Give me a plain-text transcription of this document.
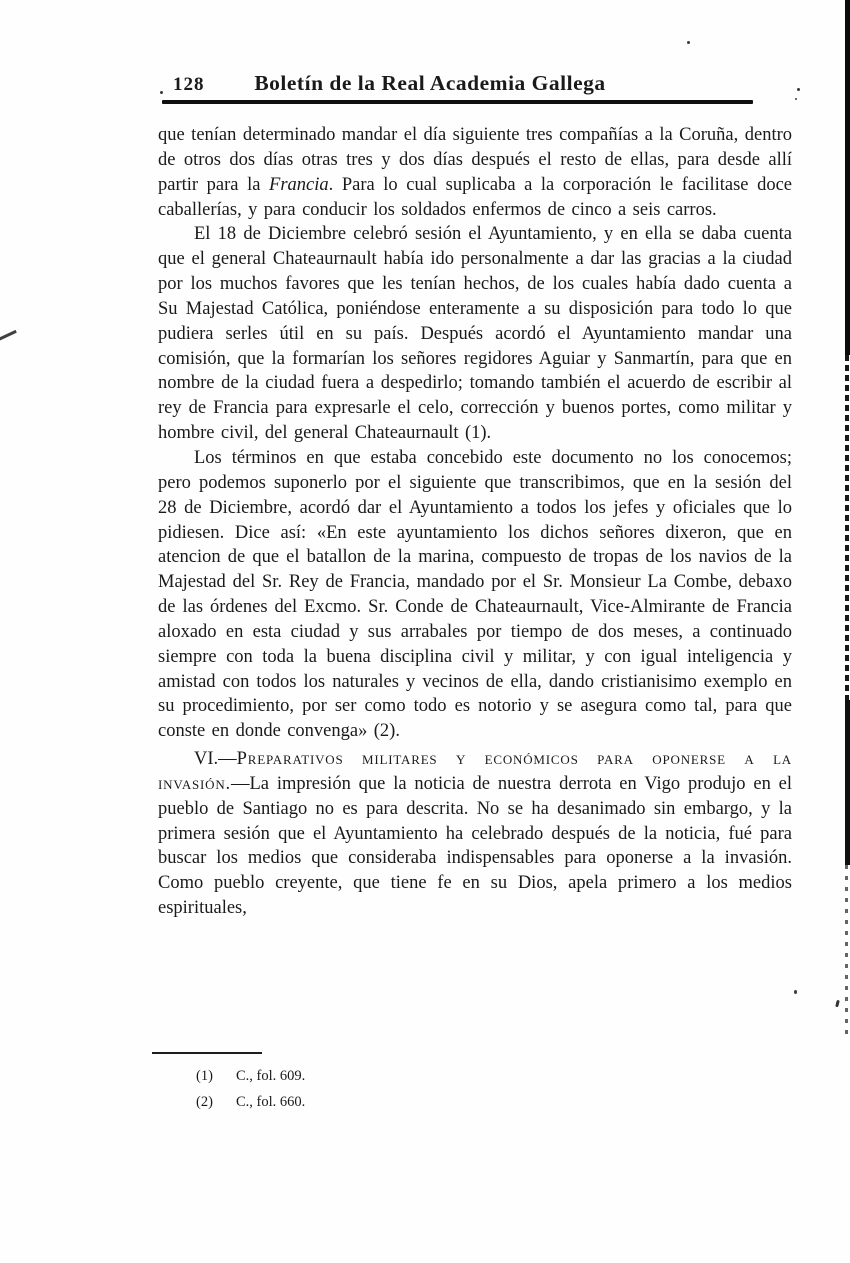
128	Boletín de la Real Academia Gallega

que tenían determinado mandar el día siguiente tres compañías a la Coruña, dentro de otros dos días otras tres y dos días después el resto de ellas, para desde allí partir para la Francia. Para lo cual suplicaba a la corporación le facilitase doce caballerías, y para conducir los soldados enfermos de cinco a seis carros.

El 18 de Diciembre celebró sesión el Ayuntamiento, y en ella se daba cuenta que el general Chateaurnault había ido personalmente a dar las gracias a la ciudad por los muchos favores que les tenían hechos, de los cuales había dado cuenta a Su Majestad Católica, poniéndose enteramente a su disposición para todo lo que pudiera serles útil en su país. Después acordó el Ayuntamiento mandar una comisión, que la formarían los señores regidores Aguiar y Sanmartín, para que en nombre de la ciudad fuera a despedirlo; tomando también el acuerdo de escribir al rey de Francia para expresarle el celo, corrección y buenos portes, como militar y hombre civil, del general Chateaurnault (1).

Los términos en que estaba concebido este documento no los conocemos; pero podemos suponerlo por el siguiente que transcribimos, que en la sesión del 28 de Diciembre, acordó dar el Ayuntamiento a todos los jefes y oficiales que lo pidiesen. Dice así: «En este ayuntamiento los dichos señores dixeron, que en atencion de que el batallon de la marina, compuesto de tropas de los navios de la Majestad del Sr. Rey de Francia, mandado por el Sr. Monsieur La Combe, debaxo de las órdenes del Excmo. Sr. Conde de Chateaurnault, Vice-Almirante de Francia aloxado en esta ciudad y sus arrabales por tiempo de dos meses, a continuado siempre con toda la buena disciplina civil y militar, y con igual inteligencia y amistad con todos los naturales y vecinos de ella, dando cristianisimo exemplo en su procedimiento, por ser como todo es notorio y se asegura como tal, para que conste en donde convenga» (2).

VI.—Preparativos militares y económicos para oponerse a la invasión.—La impresión que la noticia de nuestra derrota en Vigo produjo en el pueblo de Santiago no es para descrita. No se ha desanimado sin embargo, y la primera sesión que el Ayuntamiento ha celebrado después de la noticia, fué para buscar los medios que consideraba indispensables para oponerse a la invasión. Como pueblo creyente, que tiene fe en su Dios, apela primero a los medios espirituales,

(1) C., fol. 609.
(2) C., fol. 660.
